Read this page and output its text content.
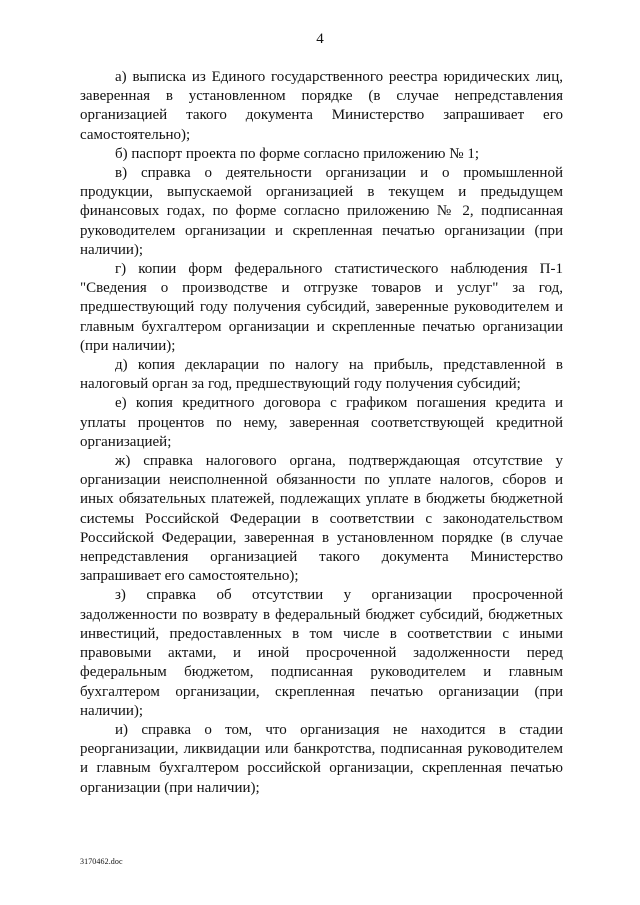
4

а) выписка из Единого государственного реестра юридических лиц, заверенная в установленном порядке (в случае непредставления организацией такого документа Министерство запрашивает его самостоятельно);

б) паспорт проекта по форме согласно приложению № 1;

в) справка о деятельности организации и о промышленной продукции, выпускаемой организацией в текущем и предыдущем финансовых годах, по форме согласно приложению № 2, подписанная руководителем организации и скрепленная печатью организации (при наличии);

г) копии форм федерального статистического наблюдения П-1 "Сведения о производстве и отгрузке товаров и услуг" за год, предшествующий году получения субсидий, заверенные руководителем и главным бухгалтером организации и скрепленные печатью организации (при наличии);

д) копия декларации по налогу на прибыль, представленной в налоговый орган за год, предшествующий году получения субсидий;

е) копия кредитного договора с графиком погашения кредита и уплаты процентов по нему, заверенная соответствующей кредитной организацией;

ж) справка налогового органа, подтверждающая отсутствие у организации неисполненной обязанности по уплате налогов, сборов и иных обязательных платежей, подлежащих уплате в бюджеты бюджетной системы Российской Федерации в соответствии с законодательством Российской Федерации, заверенная в установленном порядке (в случае непредставления организацией такого документа Министерство запрашивает его самостоятельно);

з) справка об отсутствии у организации просроченной задолженности по возврату в федеральный бюджет субсидий, бюджетных инвестиций, предоставленных в том числе в соответствии с иными правовыми актами, и иной просроченной задолженности перед федеральным бюджетом, подписанная руководителем и главным бухгалтером организации, скрепленная печатью организации (при наличии);

и) справка о том, что организация не находится в стадии реорганизации, ликвидации или банкротства, подписанная руководителем и главным бухгалтером российской организации, скрепленная печатью организации (при наличии);

3170462.doc
